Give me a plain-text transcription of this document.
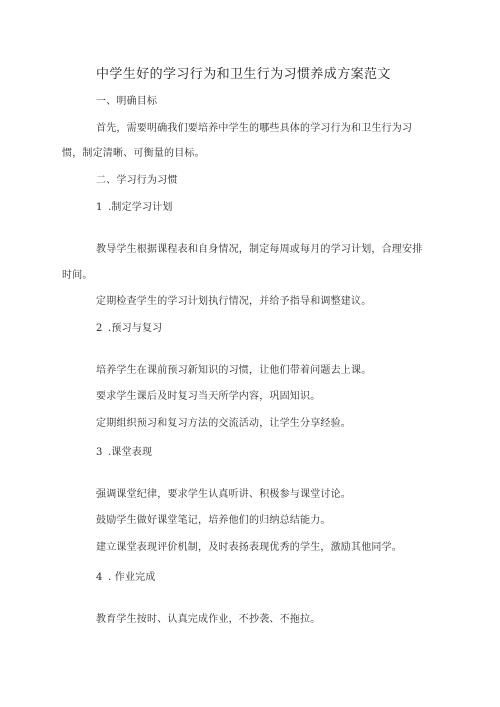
中学生好的学习行为和卫生行为习惯养成方案范文
一、明确目标
首先，需要明确我们要培养中学生的哪些具体的学习行为和卫生行为习
惯，制定清晰、可衡量的目标。
二、学习行为习惯
1 .制定学习计划
教导学生根据课程表和自身情况，制定每周或每月的学习计划，合理安排
时间。
定期检查学生的学习计划执行情况，并给予指导和调整建议。
2 .预习与复习
培养学生在课前预习新知识的习惯，让他们带着问题去上课。
要求学生课后及时复习当天所学内容，巩固知识。
定期组织预习和复习方法的交流活动，让学生分享经验。
3 .课堂表现
强调课堂纪律，要求学生认真听讲、积极参与课堂讨论。
鼓励学生做好课堂笔记，培养他们的归纳总结能力。
建立课堂表现评价机制，及时表扬表现优秀的学生，激励其他同学。
4 . 作业完成
教育学生按时、认真完成作业，不抄袭、不拖拉。
